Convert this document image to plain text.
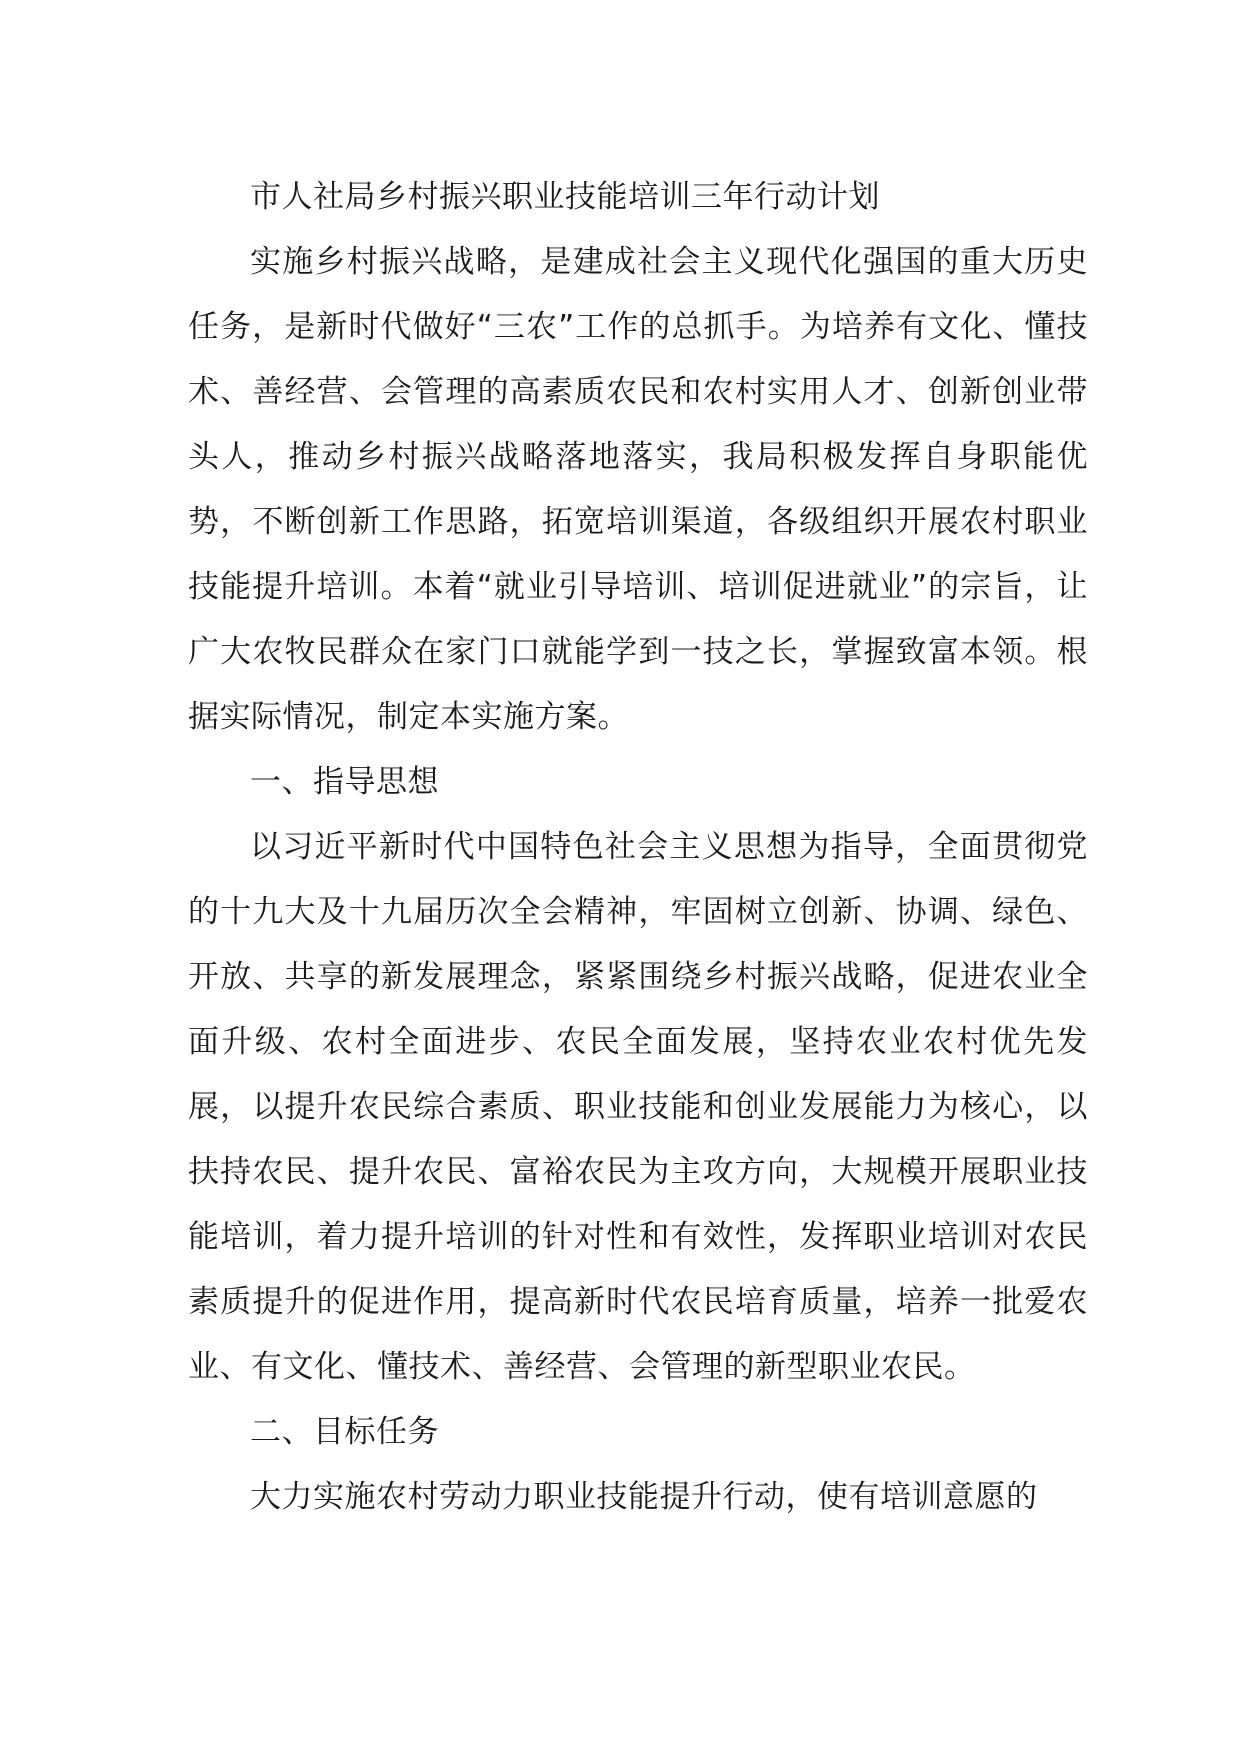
市人社局乡村振兴职业技能培训三年行动计划

实施乡村振兴战略，是建成社会主义现代化强国的重大历史任务，是新时代做好“三农”工作的总抓手。为培养有文化、懂技术、善经营、会管理的高素质农民和农村实用人才、创新创业带头人，推动乡村振兴战略落地落实，我局积极发挥自身职能优势，不断创新工作思路，拓宽培训渠道，各级组织开展农村职业技能提升培训。本着“就业引导培训、培训促进就业”的宗旨，让广大农牧民群众在家门口就能学到一技之长，掌握致富本领。根据实际情况，制定本实施方案。

一、指导思想

以习近平新时代中国特色社会主义思想为指导，全面贯彻党的十九大及十九届历次全会精神，牢固树立创新、协调、绿色、开放、共享的新发展理念，紧紧围绕乡村振兴战略，促进农业全面升级、农村全面进步、农民全面发展，坚持农业农村优先发展，以提升农民综合素质、职业技能和创业发展能力为核心，以扶持农民、提升农民、富裕农民为主攻方向，大规模开展职业技能培训，着力提升培训的针对性和有效性，发挥职业培训对农民素质提升的促进作用，提高新时代农民培育质量，培养一批爱农业、有文化、懂技术、善经营、会管理的新型职业农民。

二、目标任务

大力实施农村劳动力职业技能提升行动，使有培训意愿的
